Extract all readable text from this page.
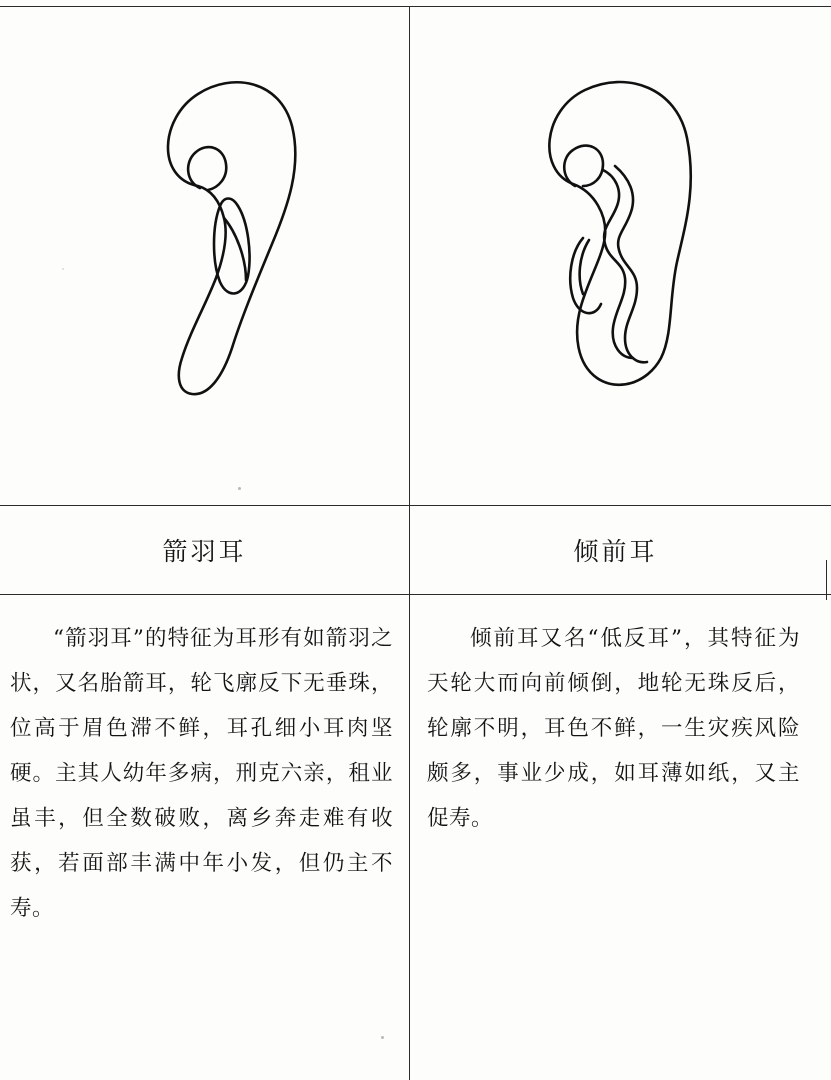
箭羽耳	倾前耳

“箭羽耳”的特征为耳形有如箭羽之状，又名胎箭耳，轮飞廓反下无垂珠，位高于眉色滞不鲜，耳孔细小耳肉坚硬。主其人幼年多病，刑克六亲，租业虽丰，但全数破败，离乡奔走难有收获，若面部丰满中年小发，但仍主不寿。

倾前耳又名“低反耳”，其特征为天轮大而向前倾倒，地轮无珠反后，轮廓不明，耳色不鲜，一生灾疾风险颇多，事业少成，如耳薄如纸，又主促寿。
